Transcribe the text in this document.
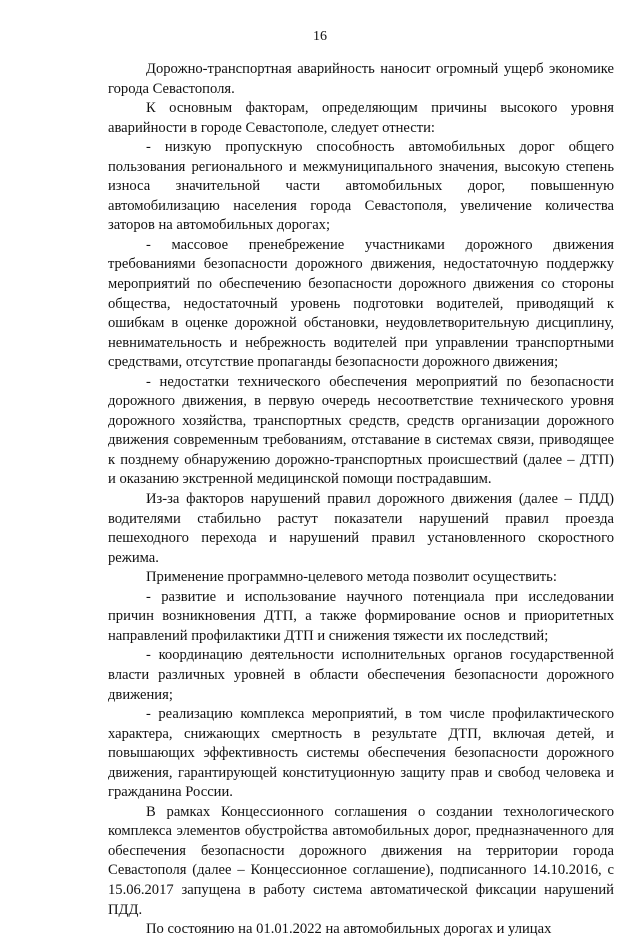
16

Дорожно-транспортная аварийность наносит огромный ущерб экономике города Севастополя.

К основным факторам, определяющим причины высокого уровня аварийности в городе Севастополе, следует отнести:

- низкую пропускную способность автомобильных дорог общего пользования регионального и межмуниципального значения, высокую степень износа значительной части автомобильных дорог, повышенную автомобилизацию населения города Севастополя, увеличение количества заторов на автомобильных дорогах;

- массовое пренебрежение участниками дорожного движения требованиями безопасности дорожного движения, недостаточную поддержку мероприятий по обеспечению безопасности дорожного движения со стороны общества, недостаточный уровень подготовки водителей, приводящий к ошибкам в оценке дорожной обстановки, неудовлетворительную дисциплину, невнимательность и небрежность водителей при управлении транспортными средствами, отсутствие пропаганды безопасности дорожного движения;

- недостатки технического обеспечения мероприятий по безопасности дорожного движения, в первую очередь несоответствие технического уровня дорожного хозяйства, транспортных средств, средств организации дорожного движения современным требованиям, отставание в системах связи, приводящее к позднему обнаружению дорожно-транспортных происшествий (далее – ДТП) и оказанию экстренной медицинской помощи пострадавшим.

Из-за факторов нарушений правил дорожного движения (далее – ПДД) водителями стабильно растут показатели нарушений правил проезда пешеходного перехода и нарушений правил установленного скоростного режима.

Применение программно-целевого метода позволит осуществить:

- развитие и использование научного потенциала при исследовании причин возникновения ДТП, а также формирование основ и приоритетных направлений профилактики ДТП и снижения тяжести их последствий;

- координацию деятельности исполнительных органов государственной власти различных уровней в области обеспечения безопасности дорожного движения;

- реализацию комплекса мероприятий, в том числе профилактического характера, снижающих смертность в результате ДТП, включая детей, и повышающих эффективность системы обеспечения безопасности дорожного движения, гарантирующей конституционную защиту прав и свобод человека и гражданина России.

В рамках Концессионного соглашения о создании технологического комплекса элементов обустройства автомобильных дорог, предназначенного для обеспечения безопасности дорожного движения на территории города Севастополя (далее – Концессионное соглашение), подписанного 14.10.2016, с 15.06.2017 запущена в работу система автоматической фиксации нарушений ПДД.

По состоянию на 01.01.2022 на автомобильных дорогах и улицах
